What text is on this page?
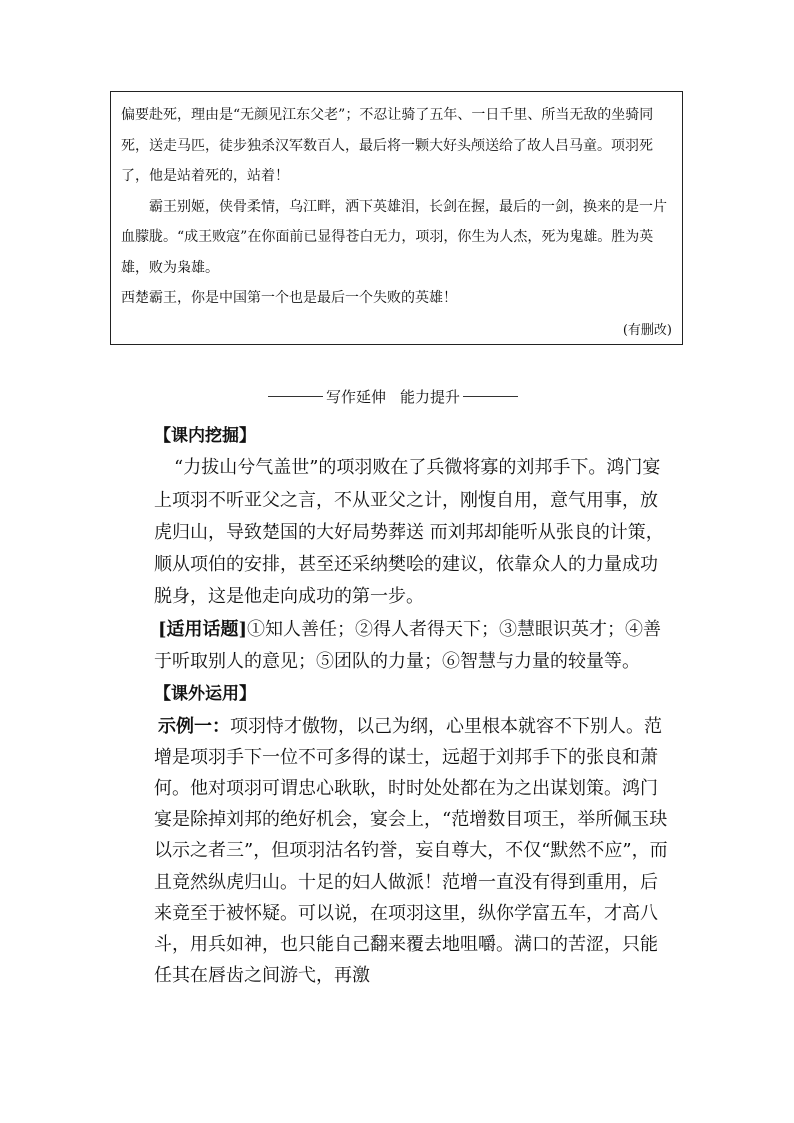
偏要赴死，理由是“无颜见江东父老”；不忍让骑了五年、一日千里、所当无敌的坐骑同死，送走马匹，徒步独杀汉军数百人，最后将一颗大好头颅送给了故人吕马童。项羽死了，他是站着死的，站着！

霸王别姬，侠骨柔情，乌江畔，洒下英雄泪，长剑在握，最后的一剑，换来的是一片血朦胧。“成王败寇”在你面前已显得苍白无力，项羽，你生为人杰，死为鬼雄。胜为英雄，败为枭雄。

西楚霸王，你是中国第一个也是最后一个失败的英雄！

(有删改)

写作延伸 能力提升

【课内挖掘】

“力拔山兮气盖世”的项羽败在了兵微将寡的刘邦手下。鸿门宴上项羽不听亚父之言，不从亚父之计，刚愎自用，意气用事，放虎归山，导致楚国的大好局势葬送 而刘邦却能听从张良的计策，顺从项伯的安排，甚至还采纳樊哙的建议，依靠众人的力量成功脱身，这是他走向成功的第一步。

[适用话题]①知人善任；②得人者得天下；③慧眼识英才；④善于听取别人的意见；⑤团队的力量；⑥智慧与力量的较量等。

【课外运用】

示例一：项羽恃才傲物，以己为纲，心里根本就容不下别人。范增是项羽手下一位不可多得的谋士，远超于刘邦手下的张良和萧何。他对项羽可谓忠心耿耿，时时处处都在为之出谋划策。鸿门宴是除掉刘邦的绝好机会，宴会上，“范增数目项王，举所佩玉玦以示之者三”，但项羽沽名钓誉，妄自尊大，不仅“默然不应”，而且竟然纵虎归山。十足的妇人做派！范增一直没有得到重用，后来竟至于被怀疑。可以说，在项羽这里，纵你学富五车，才高八斗，用兵如神，也只能自己翻来覆去地咀嚼。满口的苦涩，只能任其在唇齿之间游弋，再激
